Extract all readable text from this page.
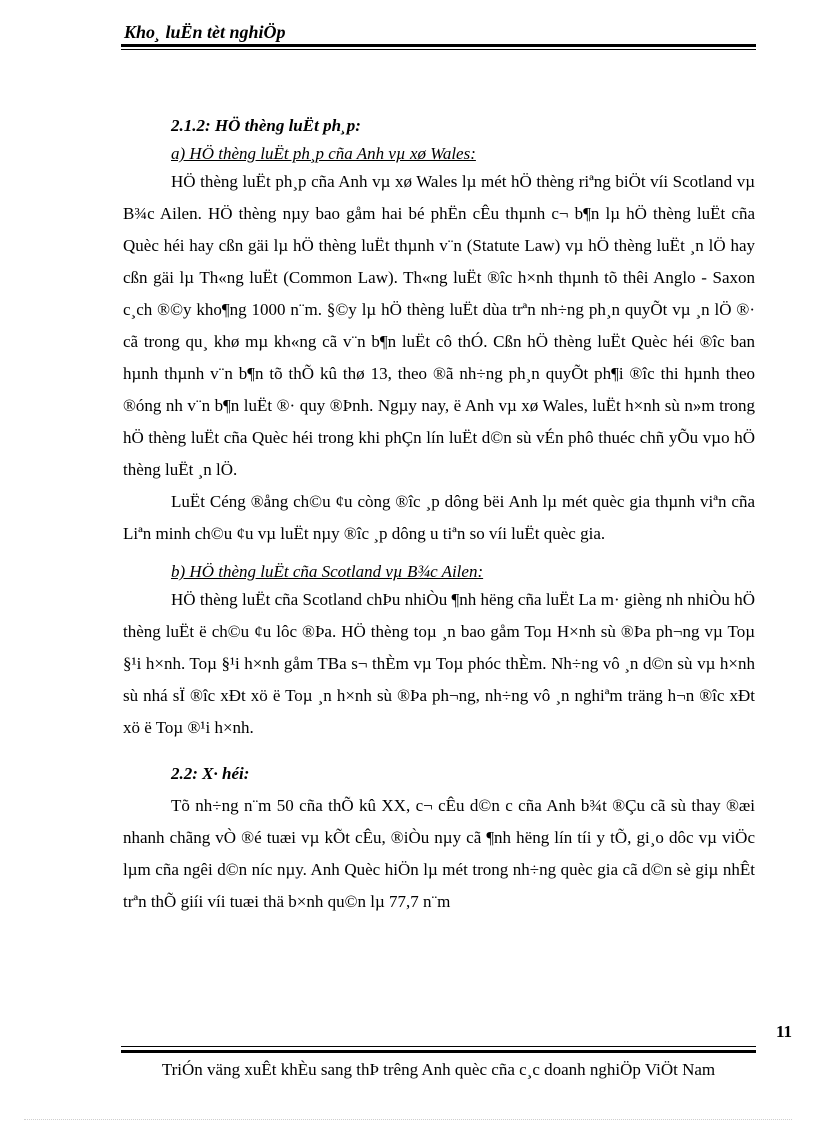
Kho¸ luËn tèt nghiÖp
2.1.2: HÖ thèng luËt ph¸p:
a) HÖ thèng luËt ph¸p cña Anh vµ xø Wales:

HÖ thèng luËt ph¸p cña Anh vµ xø Wales lµ mét hÖ thèng riªng biÖt víi Scotland vµ B¾c Ailen. HÖ thèng nµy bao gåm hai bé phËn cÊu thµnh c¬ b¶n lµ hÖ thèng luËt cña Quèc héi hay cßn gäi lµ hÖ thèng luËt thµnh v¨n (Statute Law) vµ hÖ thèng luËt ¸n lÖ hay cßn gäi lµ Th«ng luËt (Common Law). Th«ng luËt ®îc h×nh thµnh tõ thêi Anglo - Saxon c¸ch ®©y kho¶ng 1000 n¨m. §©y lµ hÖ thèng luËt dùa trªn nh÷ng ph¸n quyÕt vµ ¸n lÖ ®· cã trong qu¸ khø mµ kh«ng cã v¨n b¶n luËt cô thÓ. Cßn hÖ thèng luËt Quèc héi ®îc ban hµnh thµnh v¨n b¶n tõ thÕ kû thø 13, theo ®ã nh÷ng ph¸n quyÕt ph¶i ®îc thi hµnh theo ®óng nh v¨n b¶n luËt ®· quy ®Þnh. Ngµy nay, ë Anh vµ xø Wales, luËt h×nh sù n»m trong hÖ thèng luËt cña Quèc héi trong khi phÇn lín luËt d©n sù vÉn phô thuéc chñ yÕu vµo hÖ thèng luËt ¸n lÖ.

LuËt Céng ®ång ch©u ¢u còng ®îc ¸p dông bëi Anh lµ mét quèc gia thµnh viªn cña Liªn minh ch©u ¢u vµ luËt nµy ®îc ¸p dông u tiªn so víi luËt quèc gia.

b) HÖ thèng luËt cña Scotland vµ B¾c Ailen:

HÖ thèng luËt cña Scotland chÞu nhiÒu ¶nh hëng cña luËt La m· gièng nh nhiÒu hÖ thèng luËt ë ch©u ¢u lôc ®Þa. HÖ thèng toµ ¸n bao gåm Toµ H×nh sù ®Þa ph¬ng vµ Toµ §¹i h×nh. Toµ §¹i h×nh gåm TBa s¬ thÈm vµ Toµ phóc thÈm. Nh÷ng vô ¸n d©n sù vµ h×nh sù nhá sÏ ®îc xÐt xö ë Toµ ¸n h×nh sù ®Þa ph¬ng, nh÷ng vô ¸n nghiªm träng h¬n ®îc xÐt xö ë Toµ ®¹i h×nh.

2.2: X· héi:

Tõ nh÷ng n¨m 50 cña thÕ kû XX, c¬ cÊu d©n c cña Anh b¾t ®Çu cã sù thay ®æi nhanh chãng vÒ ®é tuæi vµ kÕt cÊu, ®iÒu nµy cã ¶nh hëng lín tíi y tÕ, gi¸o dôc vµ viÖc lµm cña ngêi d©n níc nµy. Anh Quèc hiÖn lµ mét trong nh÷ng quèc gia cã d©n sè giµ nhÊt trªn thÕ giíi víi tuæi thä b×nh qu©n lµ 77,7 n¨m

11
TriÓn väng xuÊt khÈu sang thÞ trêng Anh quèc cña c¸c doanh nghiÖp ViÖt Nam
